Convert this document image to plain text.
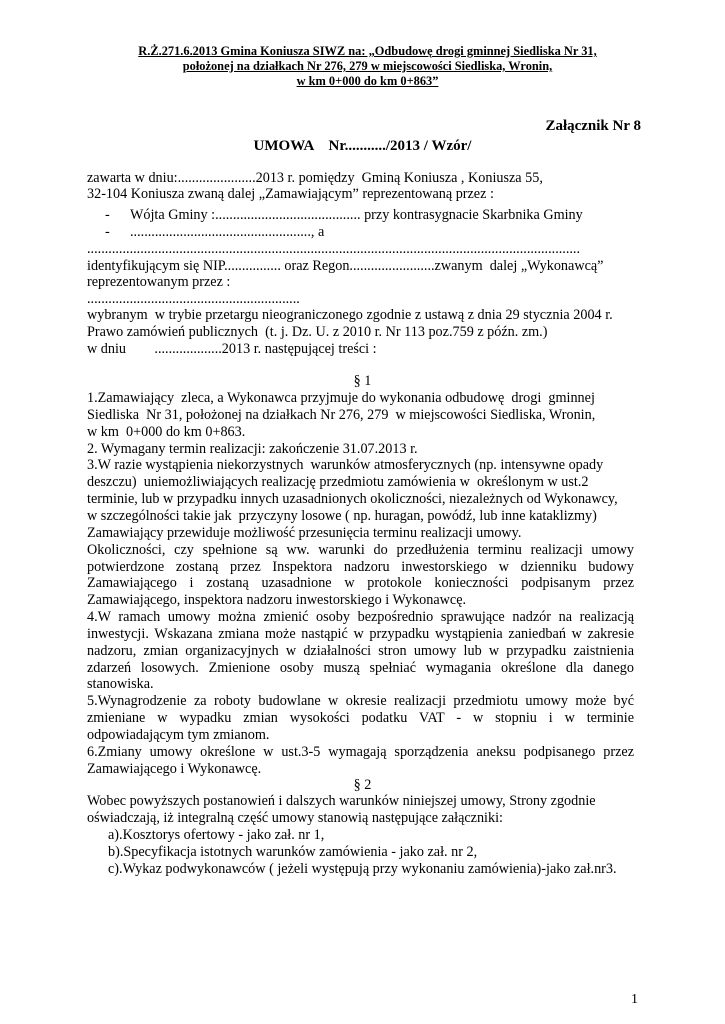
R.Ż.271.6.2013 Gmina Koniusza SIWZ na: „Odbudowę drogi gminnej Siedliska Nr 31,
położonej na działkach Nr 276, 279 w miejscowości Siedliska, Wronin,
w km 0+000 do km 0+863”
Załącznik Nr 8
UMOWA    Nr.........../2013 / Wzór/
zawarta w dniu:......................2013 r. pomiędzy  Gminą Koniusza , Koniusza 55,
32-104 Koniusza zwaną dalej „Zamawiającym” reprezentowaną przez :
- Wójta Gminy :......................................... przy kontrasygnacie Skarbnika Gminy
- ..................................................., a
...........................................................................................................................................
identyfikującym się NIP................ oraz Regon........................zwanym  dalej „Wykonawcą”
reprezentowanym przez :
............................................................
wybranym  w trybie przetargu nieograniczonego zgodnie z ustawą z dnia 29 stycznia 2004 r.
Prawo zamówień publicznych  (t. j. Dz. U. z 2010 r. Nr 113 poz.759 z późn. zm.)
w dniu        ...................2013 r. następującej treści :
§ 1
1.Zamawiający  zleca, a Wykonawca przyjmuje do wykonania odbudowę  drogi  gminnej
Siedliska  Nr 31, położonej na działkach Nr 276, 279  w miejscowości Siedliska, Wronin,
w km  0+000 do km 0+863.
2. Wymagany termin realizacji: zakończenie 31.07.2013 r.
3.W razie wystąpienia niekorzystnych  warunków atmosferycznych (np. intensywne opady
deszczu)  uniemożliwiających realizację przedmiotu zamówienia w  określonym w ust.2
terminie, lub w przypadku innych uzasadnionych okoliczności, niezależnych od Wykonawcy,
w szczególności takie jak  przyczyny losowe ( np. huragan, powódź, lub inne kataklizmy)
Zamawiający przewiduje możliwość przesunięcia terminu realizacji umowy.
Okoliczności, czy spełnione są ww. warunki do przedłużenia terminu realizacji umowy
potwierdzone zostaną przez Inspektora nadzoru inwestorskiego w dzienniku budowy
Zamawiającego i zostaną uzasadnione w protokole konieczności podpisanym przez
Zamawiającego, inspektora nadzoru inwestorskiego i Wykonawcę.
4.W ramach umowy można zmienić osoby bezpośrednio sprawujące nadzór na realizacją
inwestycji. Wskazana zmiana może nastąpić w przypadku wystąpienia zaniedbań w zakresie
nadzoru, zmian organizacyjnych w działalności stron umowy lub w przypadku zaistnienia
zdarzeń losowych. Zmienione osoby muszą spełniać wymagania określone dla danego
stanowiska.
5.Wynagrodzenie za roboty budowlane w okresie realizacji przedmiotu umowy może być
zmieniane w wypadku zmian wysokości podatku VAT - w stopniu i w terminie
odpowiadającym tym zmianom.
6.Zmiany umowy określone w ust.3-5 wymagają sporządzenia aneksu podpisanego przez
Zamawiającego i Wykonawcę.
§ 2
Wobec powyższych postanowień i dalszych warunków niniejszej umowy, Strony zgodnie
oświadczają, iż integralną część umowy stanowią następujące załączniki:
a).Kosztorys ofertowy - jako zał. nr 1,
b).Specyfikacja istotnych warunków zamówienia - jako zał. nr 2,
c).Wykaz podwykonawców ( jeżeli występują przy wykonaniu zamówienia)-jako zał.nr3.
1
